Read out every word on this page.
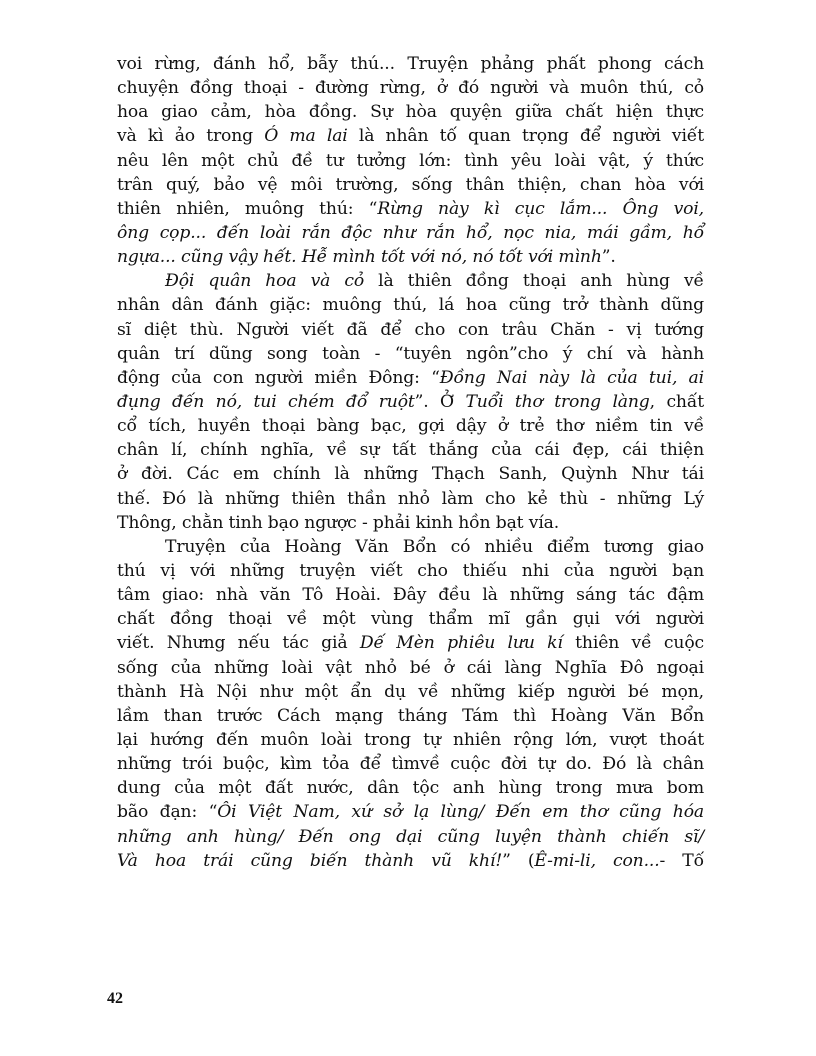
voi rừng, đánh hổ, bẫy thú... Truyện phảng phất phong cách
chuyện đồng thoại - đường rừng, ở đó người và muôn thú, cỏ
hoa giao cảm, hòa đồng. Sự hòa quyện giữa chất hiện thực
và kì ảo trong Ó ma lai là nhân tố quan trọng để người viết
nêu lên một chủ đề tư tưởng lớn: tình yêu loài vật, ý thức
trân quý, bảo vệ môi trường, sống thân thiện, chan hòa với
thiên nhiên, muông thú: “Rừng này kì cục lắm... Ông voi,
ông cọp... đến loài rắn độc như rắn hổ, nọc nia, mái gầm, hổ
ngựa... cũng vậy hết. Hễ mình tốt với nó, nó tốt với mình”.
Đội quân hoa và cỏ là thiên đồng thoại anh hùng về
nhân dân đánh giặc: muông thú, lá hoa cũng trở thành dũng
sĩ diệt thù. Người viết đã để cho con trâu Chăn - vị tướng
quân trí dũng song toàn - “tuyên ngôn”cho ý chí và hành
động của con người miền Đông: “Đồng Nai này là của tui, ai
đụng đến nó, tui chém đổ ruột”. Ở Tuổi thơ trong làng, chất
cổ tích, huyền thoại bàng bạc, gợi dậy ở trẻ thơ niềm tin về
chân lí, chính nghĩa, về sự tất thắng của cái đẹp, cái thiện
ở đời. Các em chính là những Thạch Sanh, Quỳnh Như tái
thế. Đó là những thiên thần nhỏ làm cho kẻ thù - những Lý
Thông, chằn tinh bạo ngược - phải kinh hồn bạt vía.
Truyện của Hoàng Văn Bổn có nhiều điểm tương giao
thú vị với những truyện viết cho thiếu nhi của người bạn
tâm giao: nhà văn Tô Hoài. Đây đều là những sáng tác đậm
chất đồng thoại về một vùng thẩm mĩ gần gụi với người
viết. Nhưng nếu tác giả Dế Mèn phiêu lưu kí thiên về cuộc
sống của những loài vật nhỏ bé ở cái làng Nghĩa Đô ngoại
thành Hà Nội như một ẩn dụ về những kiếp người bé mọn,
lầm than trước Cách mạng tháng Tám thì Hoàng Văn Bổn
lại hướng đến muôn loài trong tự nhiên rộng lớn, vượt thoát
những trói buộc, kìm tỏa để tìmvề cuộc đời tự do. Đó là chân
dung của một đất nước, dân tộc anh hùng trong mưa bom
bão đạn: “Ôi Việt Nam, xứ sở lạ lùng/ Đến em thơ cũng hóa
những anh hùng/ Đến ong dại cũng luyện thành chiến sĩ/
Và hoa trái cũng biến thành vũ khí!” (Ê-mi-li, con...- Tố
42
